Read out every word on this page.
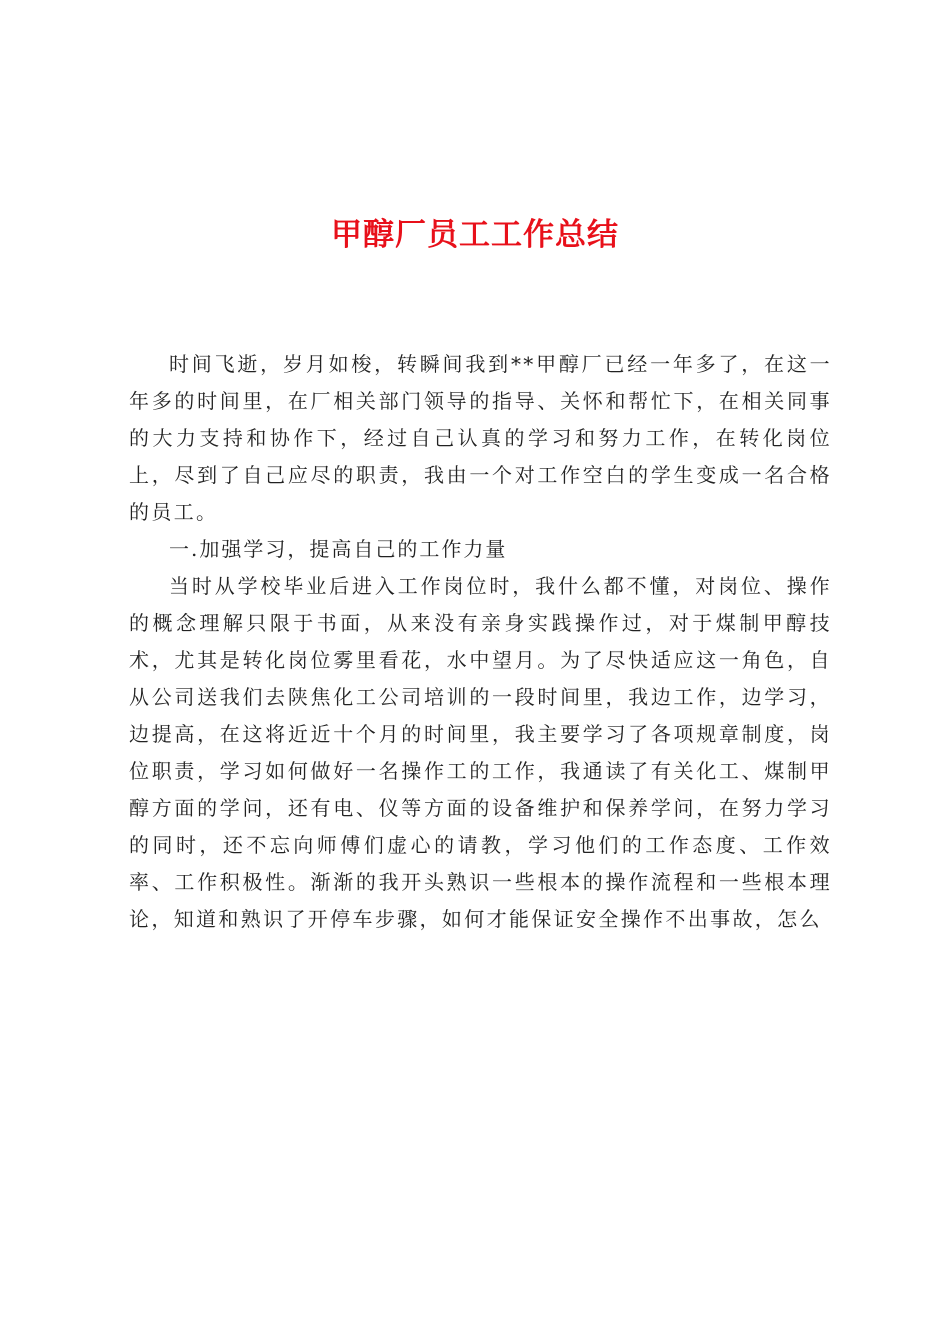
甲醇厂员工工作总结

时间飞逝，岁月如梭，转瞬间我到**甲醇厂已经一年多了，在这一年多的时间里，在厂相关部门领导的指导、关怀和帮忙下，在相关同事的大力支持和协作下，经过自己认真的学习和努力工作，在转化岗位上，尽到了自己应尽的职责，我由一个对工作空白的学生变成一名合格的员工。

一.加强学习，提高自己的工作力量

当时从学校毕业后进入工作岗位时，我什么都不懂，对岗位、操作的概念理解只限于书面，从来没有亲身实践操作过，对于煤制甲醇技术，尤其是转化岗位雾里看花，水中望月。为了尽快适应这一角色，自从公司送我们去陕焦化工公司培训的一段时间里，我边工作，边学习，边提高，在这将近近十个月的时间里，我主要学习了各项规章制度，岗位职责，学习如何做好一名操作工的工作，我通读了有关化工、煤制甲醇方面的学问，还有电、仪等方面的设备维护和保养学问，在努力学习的同时，还不忘向师傅们虚心的请教，学习他们的工作态度、工作效率、工作积极性。渐渐的我开头熟识一些根本的操作流程和一些根本理论，知道和熟识了开停车步骤，如何才能保证安全操作不出事故，怎么
